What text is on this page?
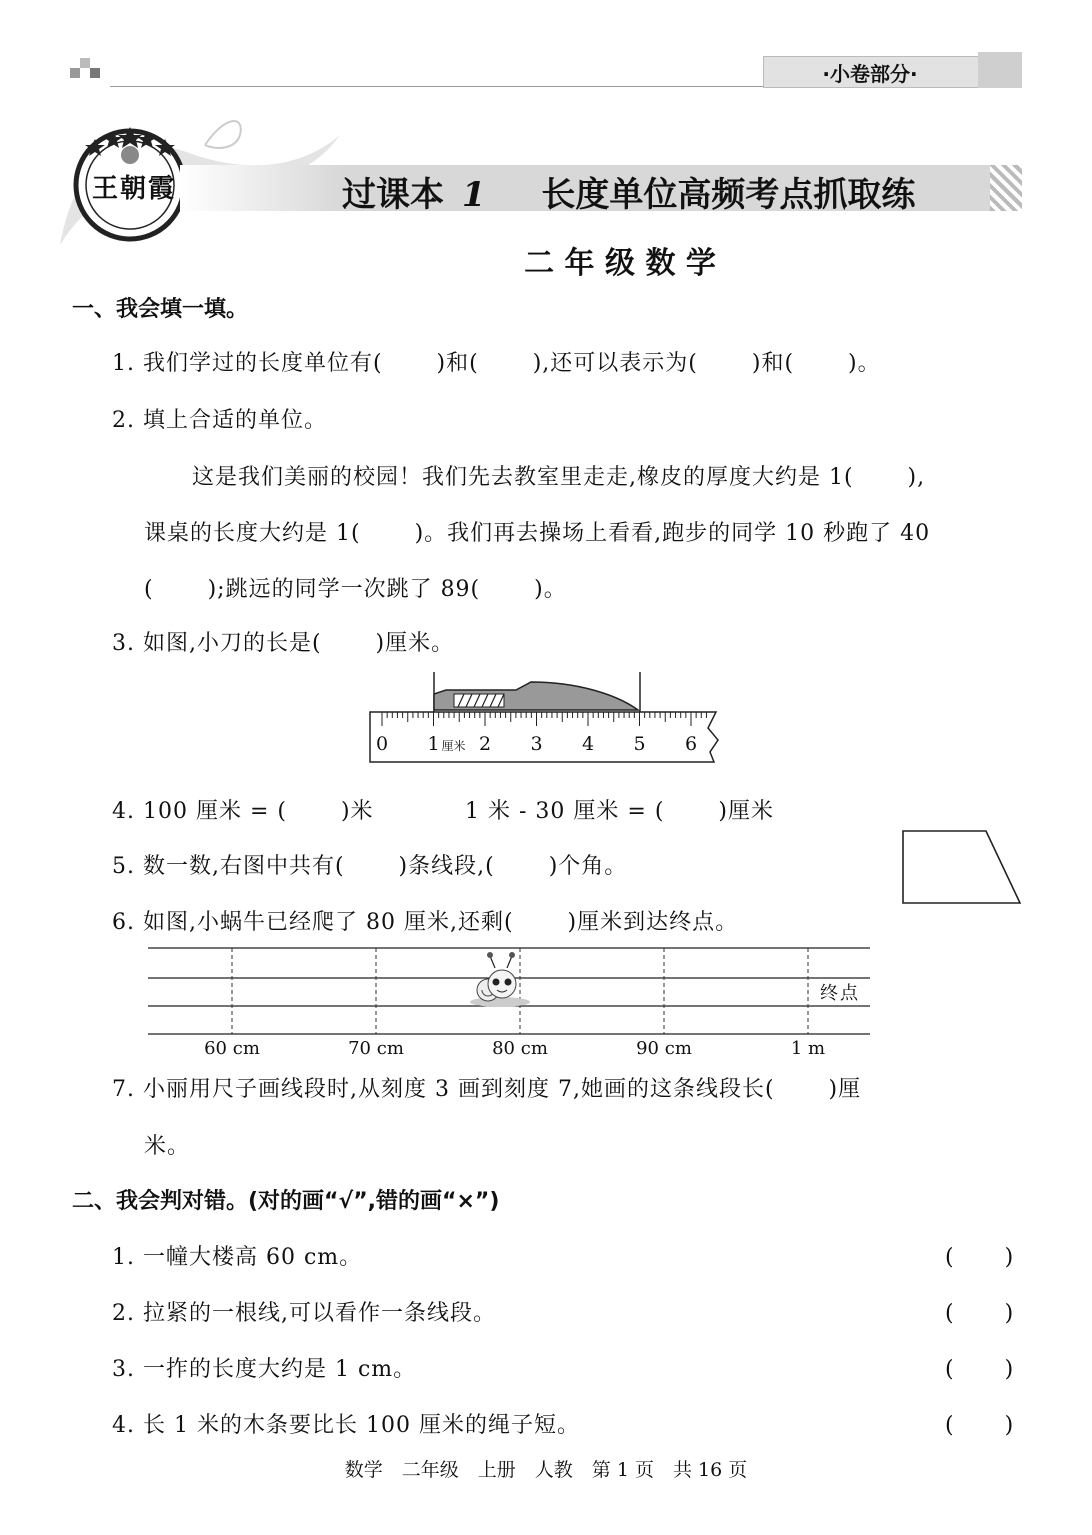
·小卷部分·
王朝霞	过课本 1 长度单位高频考点抓取练
二 年 级 数 学
一、我会填一填。
1. 我们学过的长度单位有(　　 )和(　　 ),还可以表示为(　　 )和(　　 )。
2. 填上合适的单位。
这是我们美丽的校园！我们先去教室里走走,橡皮的厚度大约是 1(　　 ),
课桌的长度大约是 1(　　 )。我们再去操场上看看,跑步的同学 10 秒跑了 40
(　　 );跳远的同学一次跳了 89(　　 )。
3. 如图,小刀的长是(　　 )厘米。
0 1 2 3 4 5 6
厘米
4. 100 厘米 = (　　 )米	1 米 - 30 厘米 = (　　 )厘米
5. 数一数,右图中共有(　　 )条线段,(　　 )个角。
6. 如图,小蜗牛已经爬了 80 厘米,还剩(　　 )厘米到达终点。
60 cm	70 cm	80 cm	90 cm	1 m
终点
7. 小丽用尺子画线段时,从刻度 3 画到刻度 7,她画的这条线段长(　　 )厘
米。
二、我会判对错。(对的画“√”,错的画“×”)
1. 一幢大楼高 60 cm。
2. 拉紧的一根线,可以看作一条线段。
3. 一拃的长度大约是 1 cm。
4. 长 1 米的木条要比长 100 厘米的绳子短。
(　　 )
(　　 )
(　　 )
(　　 )
数学　二年级　上册　人教　第 1 页　共 16 页
